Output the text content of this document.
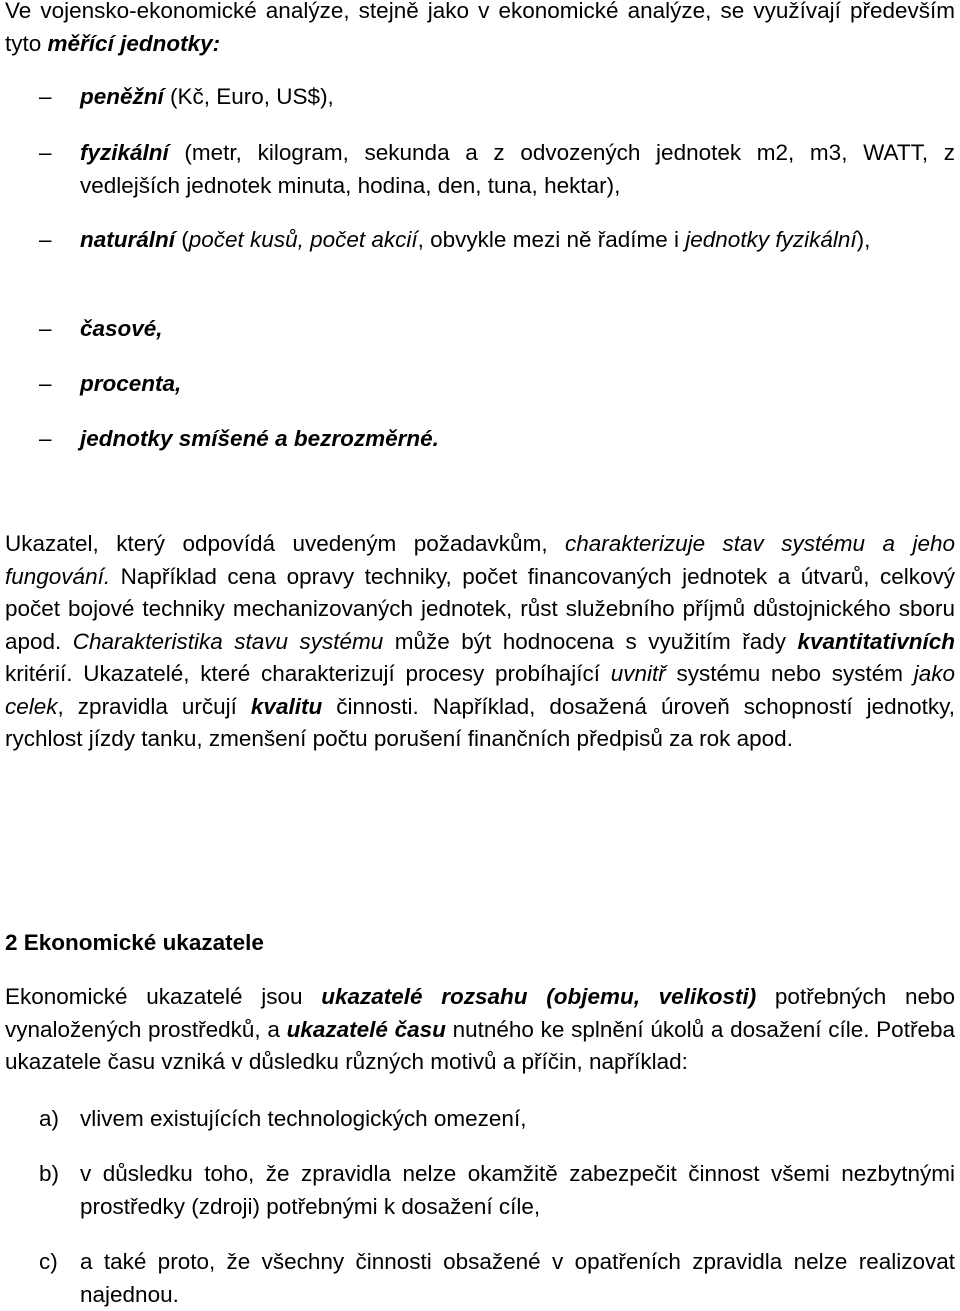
Ve vojensko-ekonomické analýze, stejně jako v ekonomické analýze, se využívají především tyto měřící jednotky:

– peněžní (Kč, Euro, US$),

– fyzikální (metr, kilogram, sekunda a z odvozených jednotek m2, m3, WATT, z vedlejších jednotek minuta, hodina, den, tuna, hektar),

– naturální (počet kusů, počet akcií, obvykle mezi ně řadíme i jednotky fyzikální),

– časové,

– procenta,

– jednotky smíšené a bezrozměrné.

Ukazatel, který odpovídá uvedeným požadavkům, charakterizuje stav systému a jeho fungování. Například cena opravy techniky, počet financovaných jednotek a útvarů, celkový počet bojové techniky mechanizovaných jednotek, růst služebního příjmů důstojnického sboru apod. Charakteristika stavu systému může být hodnocena s využitím řady kvantitativních kritérií. Ukazatelé, které charakterizují procesy probíhající uvnitř systému nebo systém jako celek, zpravidla určují kvalitu činnosti. Například, dosažená úroveň schopností jednotky, rychlost jízdy tanku, zmenšení počtu porušení finančních předpisů za rok apod.

2 Ekonomické ukazatele

Ekonomické ukazatelé jsou ukazatelé rozsahu (objemu, velikosti) potřebných nebo vynaložených prostředků, a ukazatelé času nutného ke splnění úkolů a dosažení cíle. Potřeba ukazatele času vzniká v důsledku různých motivů a příčin, například:

a) vlivem existujících technologických omezení,

b) v důsledku toho, že zpravidla nelze okamžitě zabezpečit činnost všemi nezbytnými prostředky (zdroji) potřebnými k dosažení cíle,

c) a také proto, že všechny činnosti obsažené v opatřeních zpravidla nelze realizovat najednou.
